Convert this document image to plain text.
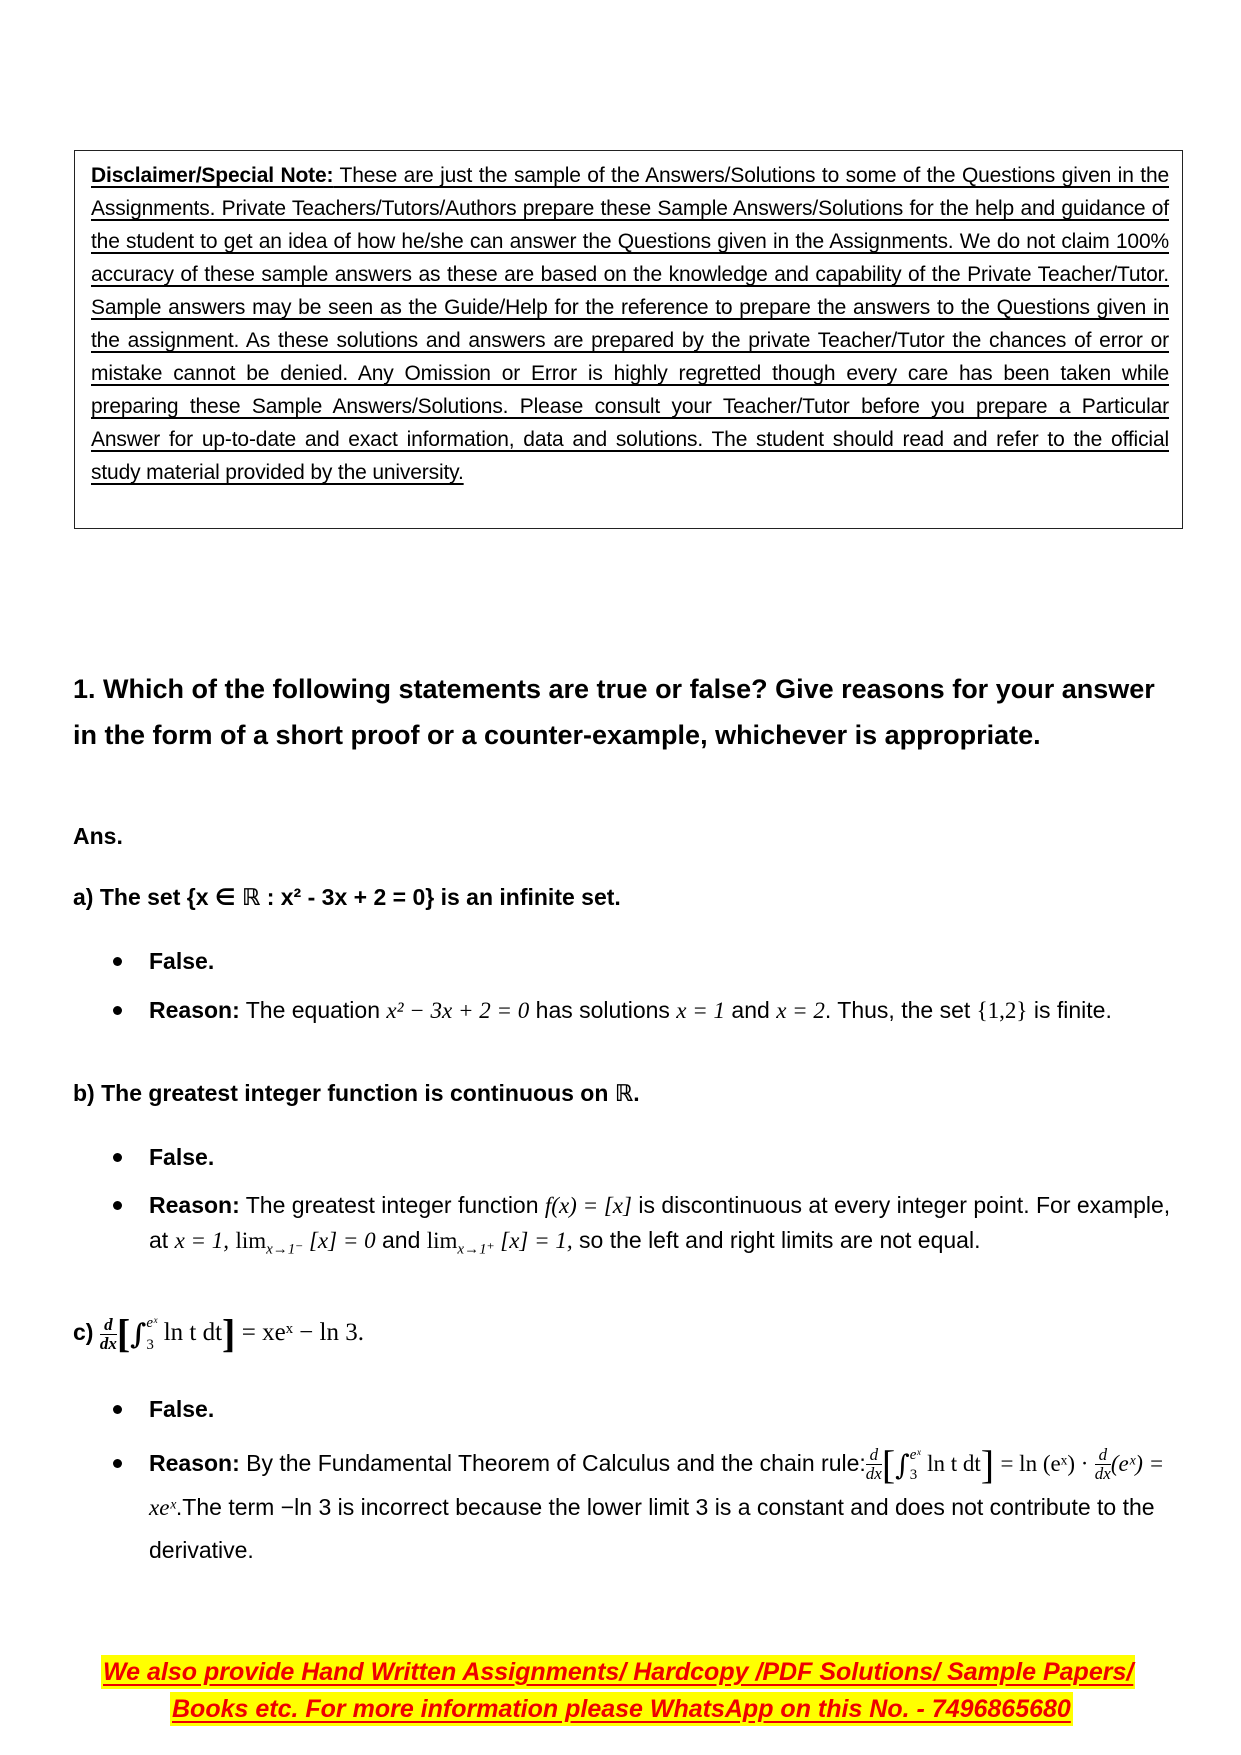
Disclaimer/Special Note: These are just the sample of the Answers/Solutions to some of the Questions given in the Assignments. Private Teachers/Tutors/Authors prepare these Sample Answers/Solutions for the help and guidance of the student to get an idea of how he/she can answer the Questions given in the Assignments. We do not claim 100% accuracy of these sample answers as these are based on the knowledge and capability of the Private Teacher/Tutor. Sample answers may be seen as the Guide/Help for the reference to prepare the answers to the Questions given in the assignment. As these solutions and answers are prepared by the private Teacher/Tutor the chances of error or mistake cannot be denied. Any Omission or Error is highly regretted though every care has been taken while preparing these Sample Answers/Solutions. Please consult your Teacher/Tutor before you prepare a Particular Answer for up-to-date and exact information, data and solutions. The student should read and refer to the official study material provided by the university.
1. Which of the following statements are true or false? Give reasons for your answer in the form of a short proof or a counter-example, whichever is appropriate.
Ans.
a) The set {x ∈ ℝ : x² - 3x + 2 = 0} is an infinite set.
False.
Reason: The equation x² − 3x + 2 = 0 has solutions x = 1 and x = 2. Thus, the set {1,2} is finite.
b) The greatest integer function is continuous on ℝ.
False.
Reason: The greatest integer function f(x) = [x] is discontinuous at every integer point. For example, at x = 1, $\lim_{x\to 1^-} [x] = 0$ and $\lim_{x\to 1^+} [x] = 1$, so the left and right limits are not equal.
$c) \frac{d}{dx}$ [∫ eˣ
3 ln t dt] = xeˣ − ln 3.
False.
Reason: By the Fundamental Theorem of Calculus and the chain rule: $\frac{d}{dx}$ [∫ eˣ
3 ln t dt] = ln (eˣ) · $\frac{d}{dx}$ (eˣ) = xeˣ.The term −ln 3 is incorrect because the lower limit 3 is a constant and does not contribute to the derivative.
We also provide Hand Written Assignments/ Hardcopy /PDF Solutions/ Sample Papers/
Books etc. For more information please WhatsApp on this No. - 7496865680
